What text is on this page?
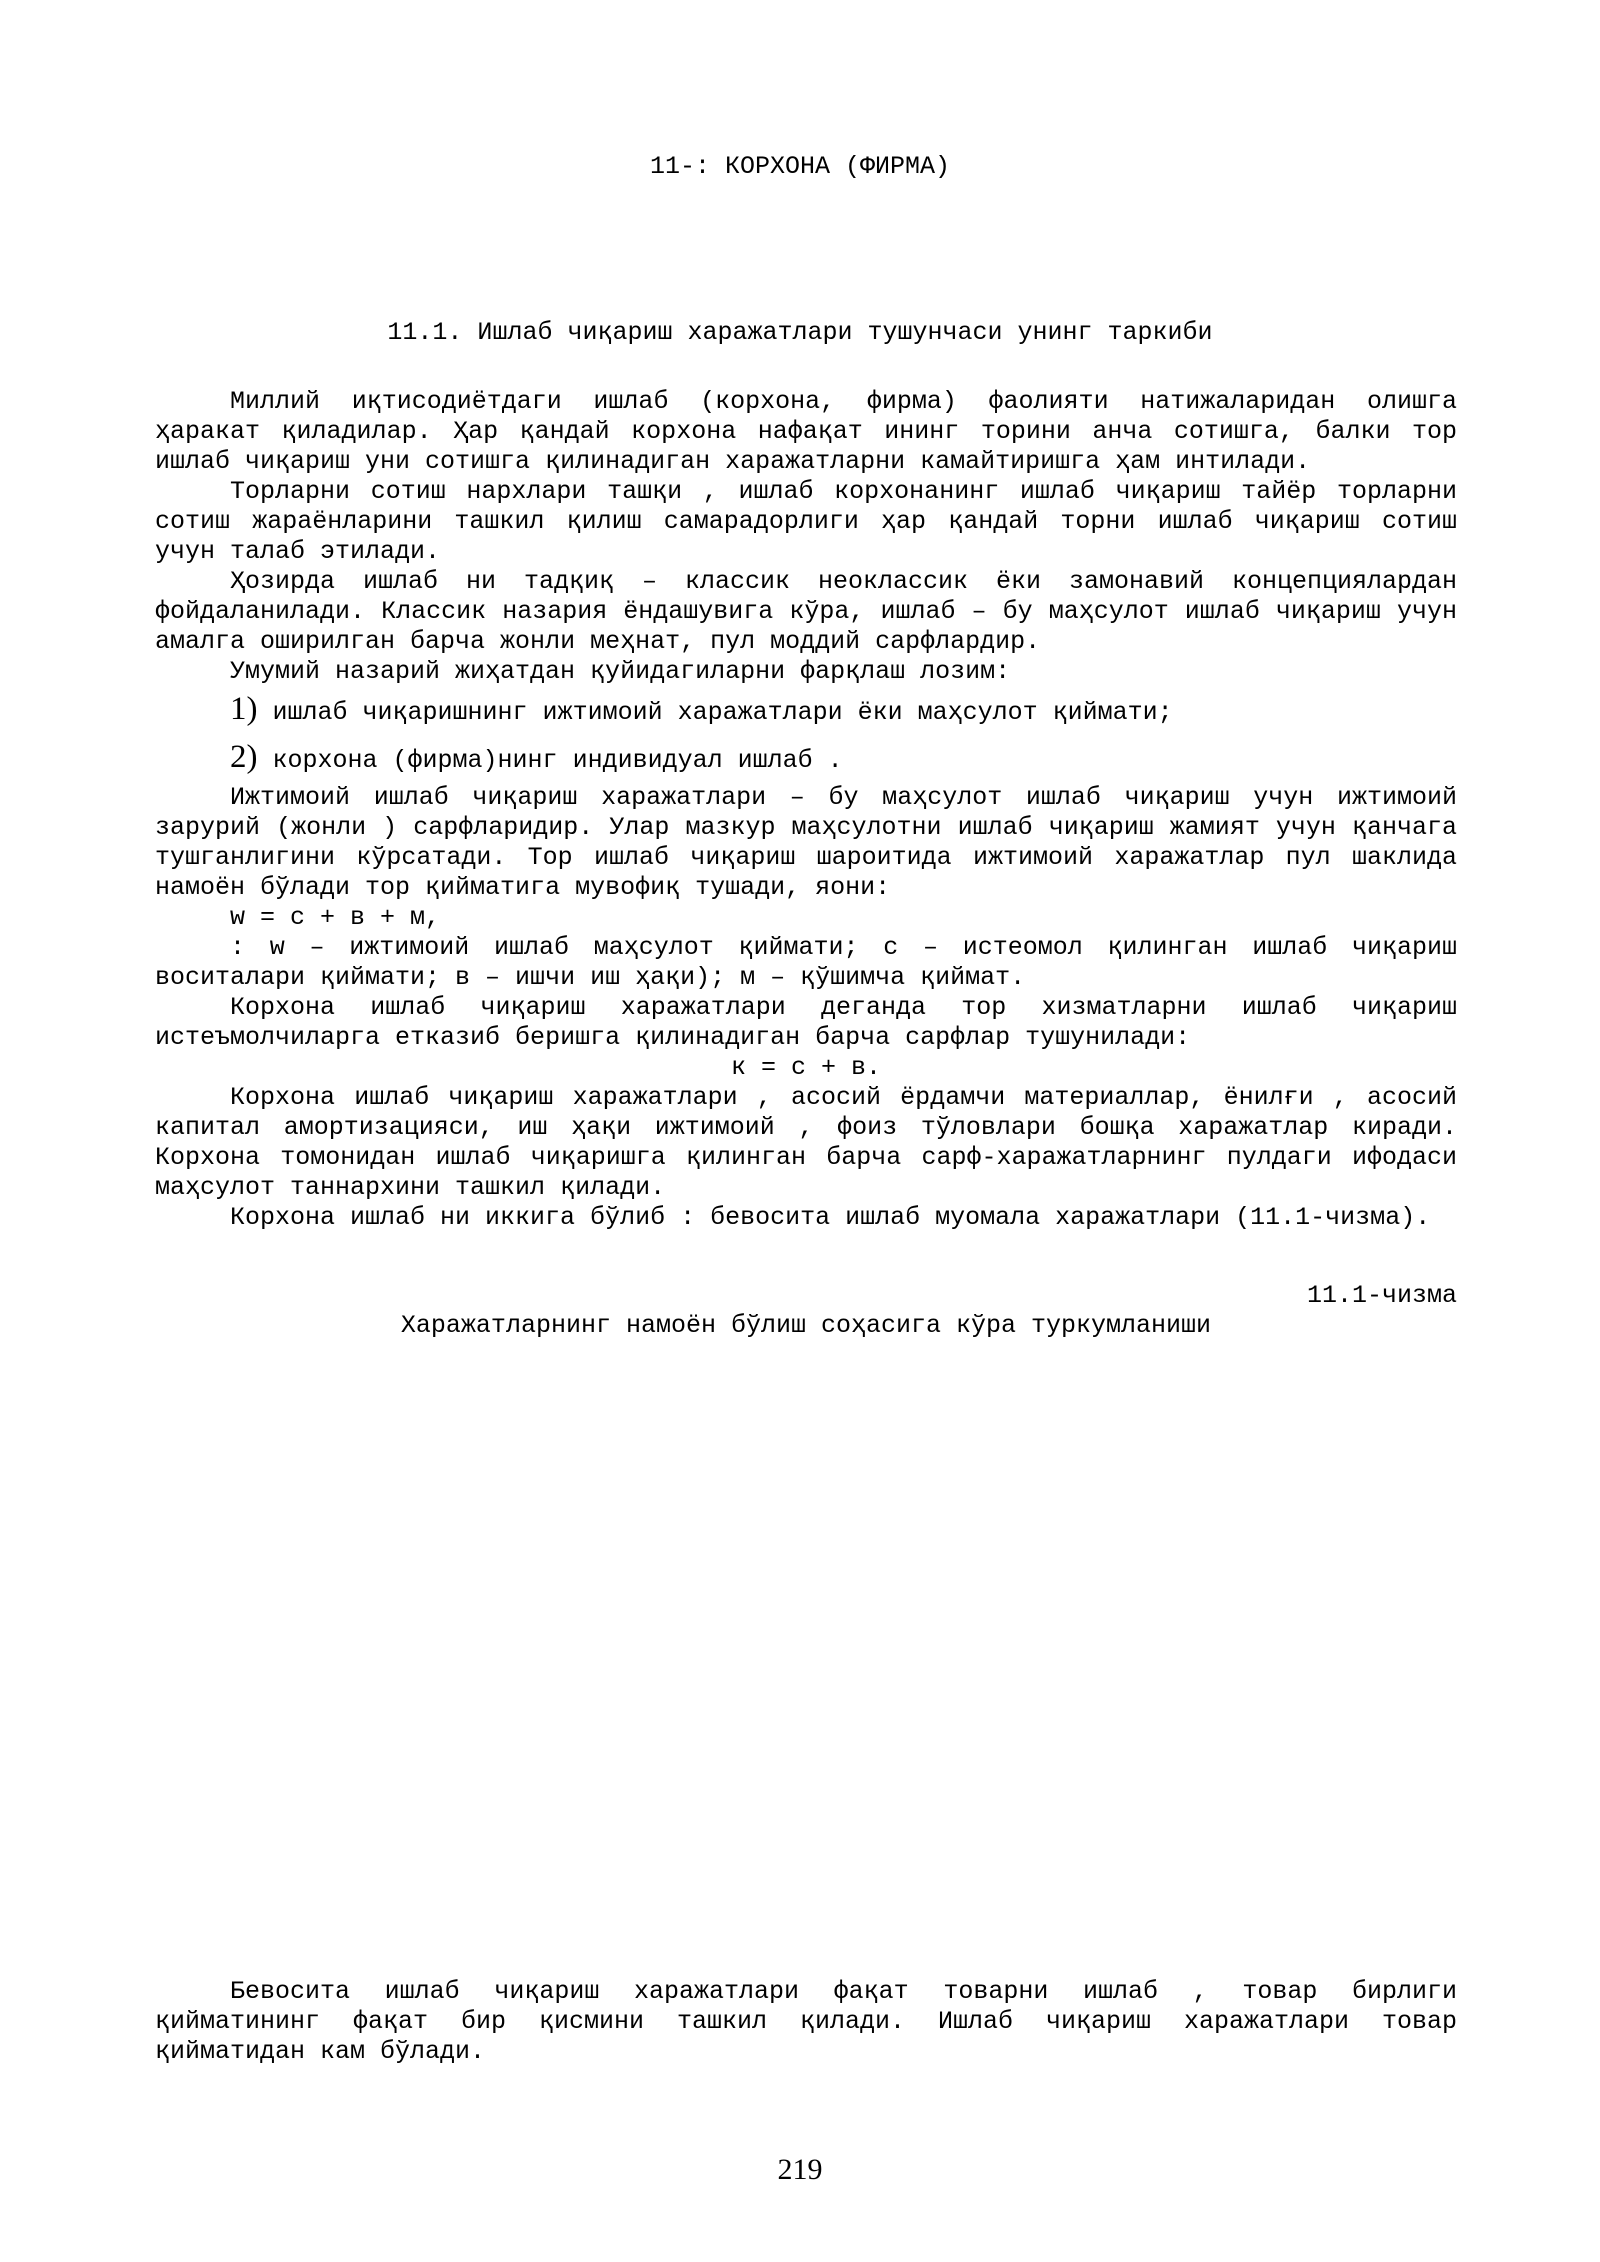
11-: КОРХОНА (ФИРМА)
11.1. Ишлаб чиқариш харажатлари тушунчаси унинг таркиби

Миллий иқтисодиётдаги ишлаб (корхона, фирма) фаолияти натижаларидан олишга ҳаракат қиладилар. Ҳар қандай корхона нафақат ининг торини анча сотишга, балки тор ишлаб чиқариш уни сотишга қилинадиган харажатларни камайтиришга ҳам интилади.

Торларни сотиш нархлари ташқи , ишлаб корхонанинг ишлаб чиқариш тайёр торларни сотиш жараёнларини ташкил қилиш самарадорлиги ҳар қандай торни ишлаб чиқариш сотиш учун талаб этилади.

Ҳозирда ишлаб ни тадқиқ – классик неоклассик ёки замонавий концепциялардан фойдаланилади. Классик назария ёндашувига кўра, ишлаб – бу маҳсулот ишлаб чиқариш учун амалга оширилган барча жонли меҳнат, пул моддий сарфлардир.

Умумий назарий жиҳатдан қуйидагиларни фарқлаш лозим:

1) ишлаб чиқаришнинг ижтимоий харажатлари ёки маҳсулот қиймати;
2) корхона (фирма)нинг индивидуал ишлаб .

Ижтимоий ишлаб чиқариш харажатлари – бу маҳсулот ишлаб чиқариш учун ижтимоий зарурий (жонли ) сарфларидир. Улар мазкур маҳсулотни ишлаб чиқариш жамият учун қанчага тушганлигини кўрсатади. Тор ишлаб чиқариш шароитида ижтимоий харажатлар пул шаклида намоён бўлади тор қийматига мувофиқ тушади, яони:

w = c + в + м,

: w – ижтимоий ишлаб маҳсулот қиймати; c – истеомол қилинган ишлаб чиқариш воситалари қиймати; в – ишчи иш ҳақи); м – қўшимча қиймат.

Корхона ишлаб чиқариш харажатлари деганда тор хизматларни ишлаб чиқариш истеъмолчиларга етказиб беришга қилинадиган барча сарфлар тушунилади:

к = с + в.

Корхона ишлаб чиқариш харажатлари , асосий ёрдамчи материаллар, ёнилғи , асосий капитал амортизацияси, иш ҳақи ижтимоий , фоиз тўловлари бошқа харажатлар киради. Корхона томонидан ишлаб чиқаришга қилинган барча сарф-харажатларнинг пулдаги ифодаси маҳсулот таннархини ташкил қилади.

Корхона ишлаб ни иккига бўлиб : бевосита ишлаб муомала харажатлари (11.1-чизма).

11.1-чизма
Харажатларнинг намоён бўлиш соҳасига кўра туркумланиши

Бевосита ишлаб чиқариш харажатлари фақат товарни ишлаб , товар бирлиги қийматининг фақат бир қисмини ташкил қилади. Ишлаб чиқариш харажатлари товар қийматидан кам бўлади.

219
